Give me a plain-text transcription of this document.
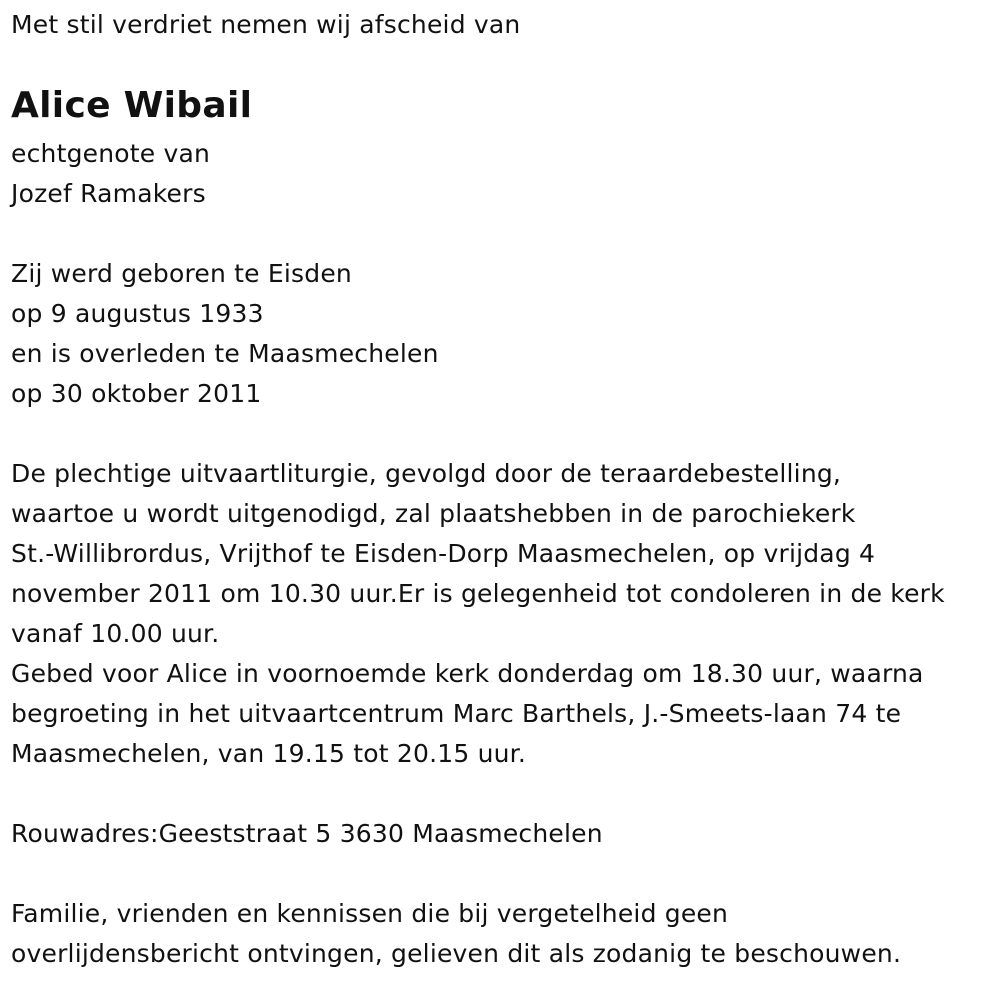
Met stil verdriet nemen wij afscheid van
Alice Wibail
echtgenote van
Jozef Ramakers
Zij werd geboren te Eisden
op 9 augustus 1933
en is overleden te Maasmechelen
op 30 oktober 2011
De plechtige uitvaartliturgie, gevolgd door de teraardebestelling,
waartoe u wordt uitgenodigd, zal plaatshebben in de parochiekerk
St.-Willibrordus, Vrijthof te Eisden-Dorp Maasmechelen, op vrijdag 4
november 2011 om 10.30 uur.Er is gelegenheid tot condoleren in de kerk
vanaf 10.00 uur.
Gebed voor Alice in voornoemde kerk donderdag om 18.30 uur, waarna
begroeting in het uitvaartcentrum Marc Barthels, J.-Smeets-laan 74 te
Maasmechelen, van 19.15 tot 20.15 uur.
Rouwadres:Geeststraat 5 3630 Maasmechelen
Familie, vrienden en kennissen die bij vergetelheid geen
overlijdensbericht ontvingen, gelieven dit als zodanig te beschouwen.
